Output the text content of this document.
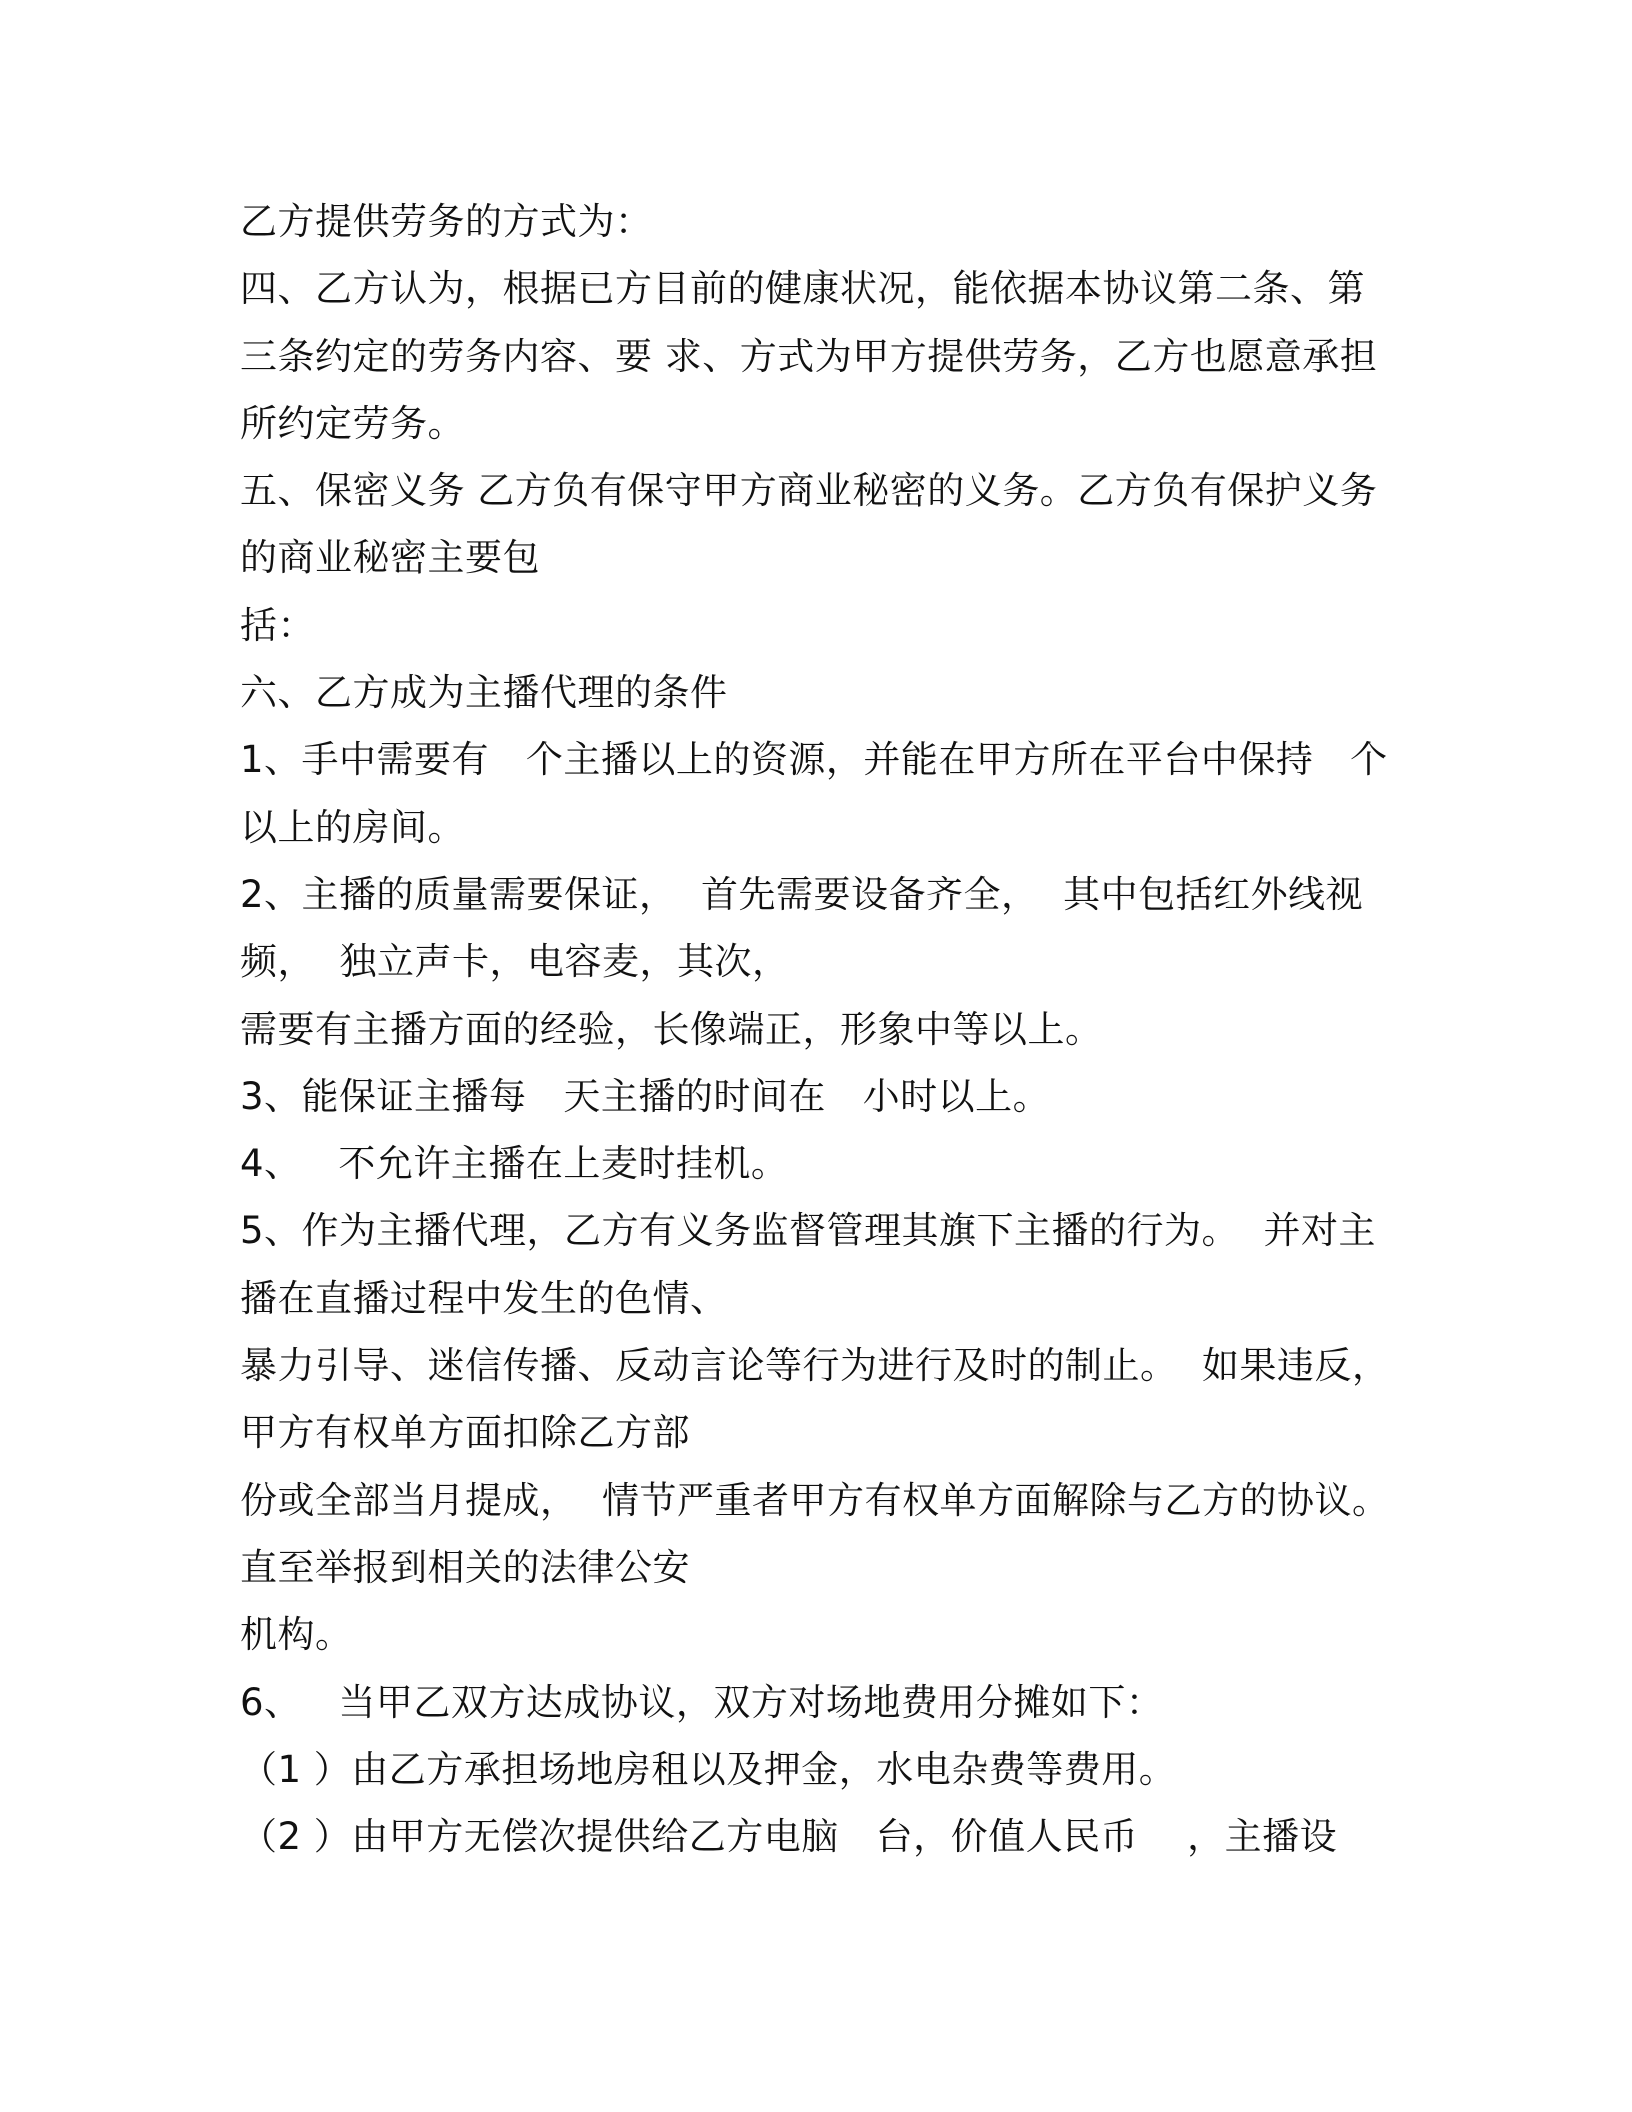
乙方提供劳务的方式为：
四、乙方认为，根据已方目前的健康状况，能依据本协议第二条、第
三条约定的劳务内容、要 求、方式为甲方提供劳务，乙方也愿意承担
所约定劳务。
五、保密义务 乙方负有保守甲方商业秘密的义务。乙方负有保护义务
的商业秘密主要包
括：
六、乙方成为主播代理的条件
1、手中需要有   个主播以上的资源，并能在甲方所在平台中保持   个
以上的房间。
2、主播的质量需要保证，  首先需要设备齐全，  其中包括红外线视
频，  独立声卡，电容麦，其次，
需要有主播方面的经验，长像端正，形象中等以上。
3、能保证主播每   天主播的时间在   小时以上。
4、   不允许主播在上麦时挂机。
5、作为主播代理，乙方有义务监督管理其旗下主播的行为。  并对主
播在直播过程中发生的色情、
暴力引导、迷信传播、反动言论等行为进行及时的制止。  如果违反，
甲方有权单方面扣除乙方部
份或全部当月提成，  情节严重者甲方有权单方面解除与乙方的协议。
直至举报到相关的法律公安
机构。
6、   当甲乙双方达成协议，双方对场地费用分摊如下：
（1 ）由乙方承担场地房租以及押金，水电杂费等费用。
（2 ）由甲方无偿次提供给乙方电脑   台，价值人民币    ，主播设
